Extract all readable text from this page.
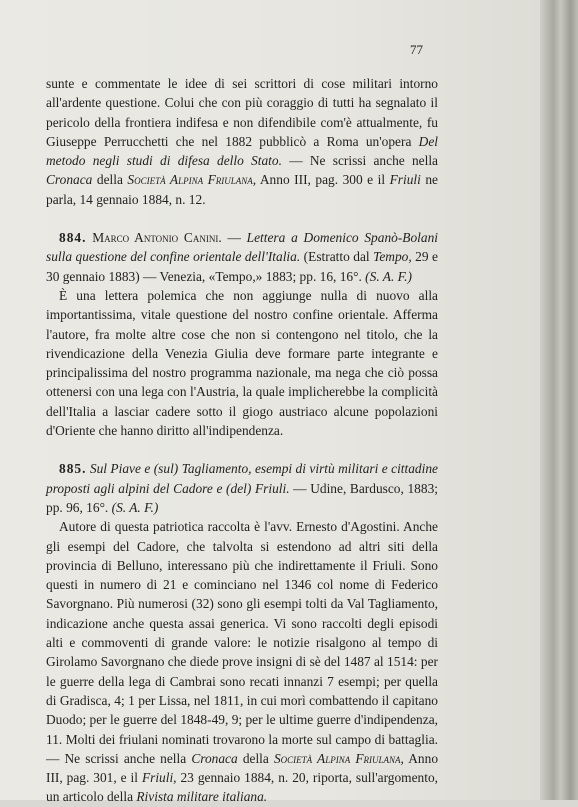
77

sunte e commentate le idee di sei scrittori di cose militari intorno all'ardente questione. Colui che con più coraggio di tutti ha segnalato il pericolo della frontiera indifesa e non difendibile com'è attualmente, fu Giuseppe Perrucchetti che nel 1882 pubblicò a Roma un'opera Del metodo negli studi di difesa dello Stato. — Ne scrissi anche nella Cronaca della Società Alpina Friulana, Anno III, pag. 300 e il Friuli ne parla, 14 gennaio 1884, n. 12.

884. Marco Antonio Canini. — Lettera a Domenico Spanò-Bolani sulla questione del confine orientale dell'Italia. (Estratto dal Tempo, 29 e 30 gennaio 1883) — Venezia, «Tempo,» 1883; pp. 16, 16°. (S. A. F.)

È una lettera polemica che non aggiunge nulla di nuovo alla importantissima, vitale questione del nostro confine orientale. Afferma l'autore, fra molte altre cose che non si contengono nel titolo, che la rivendicazione della Venezia Giulia deve formare parte integrante e principalissima del nostro programma nazionale, ma nega che ciò possa ottenersi con una lega con l'Austria, la quale implicherebbe la complicità dell'Italia a lasciar cadere sotto il giogo austriaco alcune popolazioni d'Oriente che hanno diritto all'indipendenza.

885. Sul Piave e (sul) Tagliamento, esempi di virtù militari e cittadine proposti agli alpini del Cadore e (del) Friuli. — Udine, Bardusco, 1883; pp. 96, 16°. (S. A. F.)

Autore di questa patriotica raccolta è l'avv. Ernesto d'Agostini. Anche gli esempi del Cadore, che talvolta si estendono ad altri siti della provincia di Belluno, interessano più che indirettamente il Friuli. Sono questi in numero di 21 e cominciano nel 1346 col nome di Federico Savorgnano. Più numerosi (32) sono gli esempi tolti da Val Tagliamento, indicazione anche questa assai generica. Vi sono raccolti degli episodi alti e commoventi di grande valore: le notizie risalgono al tempo di Girolamo Savorgnano che diede prove insigni di sè del 1487 al 1514: per le guerre della lega di Cambrai sono recati innanzi 7 esempi; per quella di Gradisca, 4; 1 per Lissa, nel 1811, in cui morì combattendo il capitano Duodo; per le guerre del 1848-49, 9; per le ultime guerre d'indipendenza, 11. Molti dei friulani nominati trovarono la morte sul campo di battaglia. — Ne scrissi anche nella Cronaca della Società Alpina Friulana, Anno III, pag. 301, e il Friuli, 23 gennaio 1884, n. 20, riporta, sull'argomento, un articolo della Rivista militare italiana.
